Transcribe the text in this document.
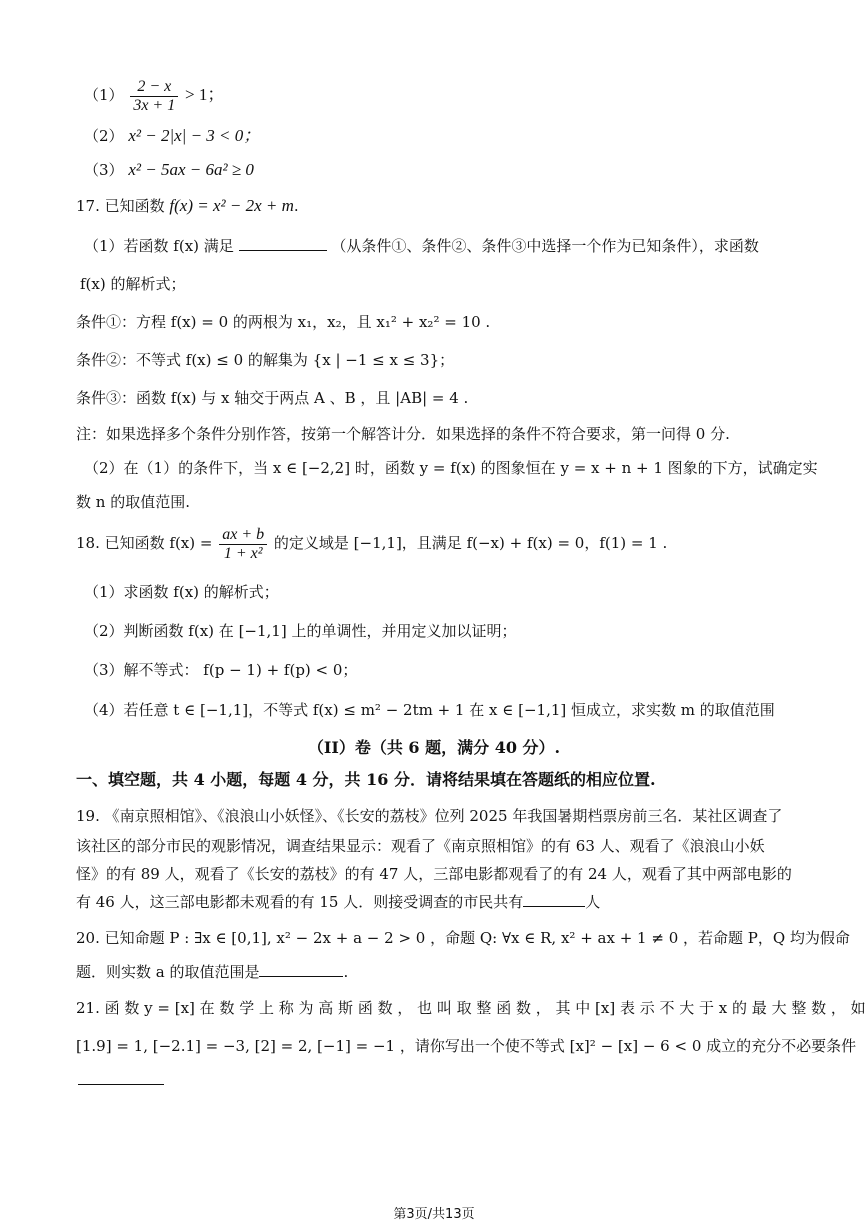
$(1) \frac{2 - x}{3x + 1} > 1$；
（2） x² − 2|x| − 3 < 0；
（3） x² − 5ax − 6a² ≥ 0
17. 已知函数 f(x) = x² − 2x + m.
（1）若函数 f(x) 满足	（从条件①、条件②、条件③中选择一个作为已知条件），求函数
f(x) 的解析式；
条件①：方程 f(x) = 0 的两根为 x₁，x₂，且 x₁² + x₂² = 10 .
条件②：不等式 f(x) ≤ 0 的解集为 {x | −1 ≤ x ≤ 3}；
条件③：函数 f(x) 与 x 轴交于两点 A 、B ，且 |AB| = 4 .
注：如果选择多个条件分别作答，按第一个解答计分．如果选择的条件不符合要求，第一问得 0 分.
（2）在（1）的条件下，当 x ∈ [−2,2] 时，函数 y = f(x) 的图象恒在 y = x + n + 1 图象的下方，试确定实
数 n 的取值范围.
18. 已知函数 $f(x) = \frac{ax + b}{\text{1 + x²}}$ 的定义域是 [−1,1]，且满足 f(−x) + f(x) = 0，f(1) = 1 .
（1）求函数 f(x) 的解析式；
（2）判断函数 f(x) 在 [−1,1] 上的单调性，并用定义加以证明；
（3）解不等式： f(p − 1) + f(p) < 0；
（4）若任意 t ∈ [−1,1]，不等式 f(x) ≤ m² − 2tm + 1 在 x ∈ [−1,1] 恒成立，求实数 m 的取值范围
（II）卷（共 6 题，满分 40 分）.
一、填空题，共 4 小题，每题 4 分，共 16 分．请将结果填在答题纸的相应位置.
19. 《南京照相馆》、《浪浪山小妖怪》、《长安的荔枝》位列 2025 年我国暑期档票房前三名．某社区调查了
该社区的部分市民的观影情况，调查结果显示：观看了《南京照相馆》的有 63 人、观看了《浪浪山小妖
怪》的有 89 人，观看了《长安的荔枝》的有 47 人，三部电影都观看了的有 24 人，观看了其中两部电影的
有 46 人，这三部电影都未观看的有 15 人．则接受调查的市民共有	人
20. 已知命题 P : ∃x ∈ [0,1], x² − 2x + a − 2 > 0 ，命题 Q: ∀x ∈ R, x² + ax + 1 ≠ 0 ，若命题 P，Q 均为假命
题．则实数 a 的取值范围是	.
21. 函 数 y = [x] 在 数 学 上 称 为 高 斯 函 数 ， 也 叫 取 整 函 数 ， 其 中 [x] 表 示 不 大 于 x 的 最 大 整 数 ， 如
[1.9] = 1, [−2.1] = −3, [2] = 2, [−1] = −1 ，请你写出一个使不等式 [x]² − [x] − 6 < 0 成立的充分不必要条件
第3页/共13页
